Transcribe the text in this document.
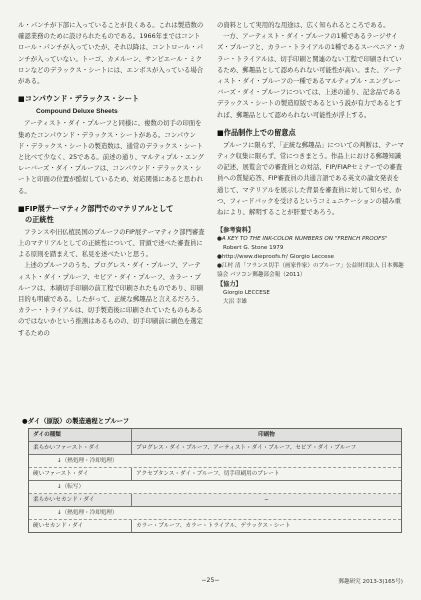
ル・パンチが下部に入っていることが良くある。これは製造数の確認業務のために設けられたものである。1966年まではコントロール・パンチが入っていたが、それ以降は、コントロール・パンチが入っていない。トーゴ、カメルーン、サンピエール・ミクロンなどのデラックス・シートには、エンボスが入っている場合がある。

■コンパウンド・デラックス・シート
Compound Deluxe Sheets

アーティスト・ダイ・プルーフと同様に、複数の切手の印面を集めたコンパウンド・デラックス・シートがある。コンパウンド・デラックス・シートの製造数は、通常のデラックス・シートと比べて少なく、25である。前述の通り、マルティプル・エングレーバーズ・ダイ・プルーフは、コンパウンド・デラックス・シートと印面の位置が酷似しているため、対応関係にあると思われる。

■FIP展テーマティク部門でのマテリアルとして
の正統性

フランスや旧仏植民国のプルーフのFIP展テーマティク部門審査上のマテリアルとしての正統性について、冒頭で述べた審査員による原則を踏まえて、私見を述べたいと思う。

上述のプルーフのうち、プログレス・ダイ・プルーフ、アーティスト・ダイ・プルーフ、セピア・ダイ・プルーフ、カラー・プルーフは、本刷切手印刷の前工程で印刷されたものであり、印刷目的も明確である。したがって、正統な郵趣品と言えるだろう。カラー・トライアルは、切手製造後に印刷されていたものもあるのではないかという推測はあるものの、切手印刷前に刷色を選定するための

の資料として実用的な用途は、広く知られるところである。

一方、アーティスト・ダイ・プルーフの1種であるラージサイズ・プルーフと、カラー・トライアルの1種であるスーベニア・カラー・トライアルは、切手印刷と関連のない工程で印刷されているため、郵趣品として認められない可能性が高い。また、アーティスト・ダイ・プルーフの一種であるマルティプル・エングレーバーズ・ダイ・プルーフについては、上述の通り、記念品であるデラックス・シートの製造原版であるという説が有力であるとすれば、郵趣品として認められない可能性が浮上する。

■作品制作上での留意点

プルーフに限らず、「正統な郵趣品」についての判断は、テーマティク収集に限らず、常につきまとう。作品上における郵趣知識の記述、展覧会での審査員との対話、FIP/FIAPセミナーでの審査員への質疑応答、FIP審査員の共通言語である英文の論文発表を通じて、マテリアルを展示した背景を審査員に対して知らせ、かつ、フィードバックを受けるというコミュニケーションの積み重ねにより、解明することが肝要であろう。

【参考資料】
●A KEY TO THE INK-COLOR NUMBERS ON "FRENCH PROOFS"
Robert G. Stone 1979
●http://www.dieproofs.fr/ Giorgio Leccese
●江村 清「フランス切手（画家作家）のプルーフ」公益財団法人 日本郵趣協会 パソコン郵趣部会報（2011）
【協力】
Giorgio LECCESE
大沼 幸雄
●ダイ（原版）の製造過程とプルーフ
ダイの種類	印刷物
柔らかいファースト・ダイ	プログレス・ダイ・プルーフ、アーティスト・ダイ・プルーフ、セピア・ダイ・プルーフ
↓（熱処理・冷却処理）
硬いファースト・ダイ	アクセプタンス・ダイ・プルーフ、切手印刷用のプレート
↓（転写）
柔らかいセカンド・ダイ	−
↓（熱処理・冷却処理）
硬いセカンド・ダイ	カラー・プルーフ、カラー・トライアル、デラックス・シート
−25−	郵趣研究 2013-3(165号)
